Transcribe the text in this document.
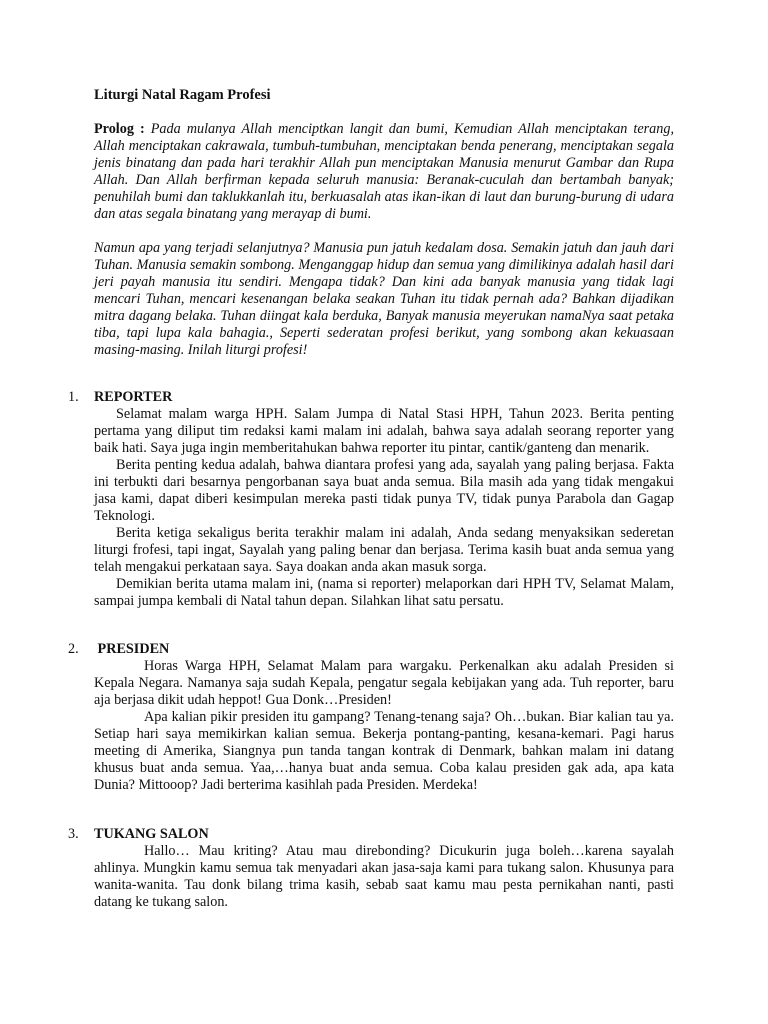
Liturgi Natal Ragam Profesi

Prolog : Pada mulanya Allah menciptkan langit dan bumi, Kemudian Allah menciptakan terang, Allah menciptakan cakrawala, tumbuh-tumbuhan, menciptakan benda penerang, menciptakan segala jenis binatang dan pada hari terakhir Allah pun menciptakan Manusia menurut Gambar dan Rupa Allah. Dan Allah berfirman kepada seluruh manusia: Beranak-cuculah dan bertambah banyak; penuhilah bumi dan taklukkanlah itu, berkuasalah atas ikan-ikan di laut dan burung-burung di udara dan atas segala binatang yang merayap di bumi.

Namun apa yang terjadi selanjutnya? Manusia pun jatuh kedalam dosa. Semakin jatuh dan jauh dari Tuhan. Manusia semakin sombong. Menganggap hidup dan semua yang dimilikinya adalah hasil dari jeri payah manusia itu sendiri. Mengapa tidak? Dan kini ada banyak manusia yang tidak lagi mencari Tuhan, mencari kesenangan belaka seakan Tuhan itu tidak pernah ada? Bahkan dijadikan mitra dagang belaka. Tuhan diingat kala berduka, Banyak manusia meyerukan namaNya saat petaka tiba, tapi lupa kala bahagia., Seperti sederatan profesi berikut, yang sombong akan kekuasaan masing-masing. Inilah liturgi profesi!

1.	REPORTER

Selamat malam warga HPH. Salam Jumpa di Natal Stasi HPH, Tahun 2023. Berita penting pertama yang diliput tim redaksi kami malam ini adalah, bahwa saya adalah seorang reporter yang baik hati. Saya juga ingin memberitahukan bahwa reporter itu pintar, cantik/ganteng dan menarik.

Berita penting kedua adalah, bahwa diantara profesi yang ada, sayalah yang paling berjasa. Fakta ini terbukti dari besarnya pengorbanan saya buat anda semua. Bila masih ada yang tidak mengakui jasa kami, dapat diberi kesimpulan mereka pasti tidak punya TV, tidak punya Parabola dan Gagap Teknologi.

Berita ketiga sekaligus berita terakhir malam ini adalah, Anda sedang menyaksikan sederetan liturgi frofesi, tapi ingat, Sayalah yang paling benar dan berjasa. Terima kasih buat anda semua yang telah mengakui perkataan saya. Saya doakan anda akan masuk sorga.

Demikian berita utama malam ini, (nama si reporter) melaporkan dari HPH TV, Selamat Malam, sampai jumpa kembali di Natal tahun depan. Silahkan lihat satu persatu.

2.	PRESIDEN

Horas Warga HPH, Selamat Malam para wargaku. Perkenalkan aku adalah Presiden si Kepala Negara. Namanya saja sudah Kepala, pengatur segala kebijakan yang ada. Tuh reporter, baru aja berjasa dikit udah heppot! Gua Donk…Presiden!

Apa kalian pikir presiden itu gampang? Tenang-tenang saja? Oh…bukan. Biar kalian tau ya. Setiap hari saya memikirkan kalian semua. Bekerja pontang-panting, kesana-kemari. Pagi harus meeting di Amerika, Siangnya pun tanda tangan kontrak di Denmark, bahkan malam ini datang khusus buat anda semua. Yaa,…hanya buat anda semua. Coba kalau presiden gak ada, apa kata Dunia? Mittooop? Jadi berterima kasihlah pada Presiden. Merdeka!

3.	TUKANG SALON

Hallo… Mau kriting? Atau mau direbonding? Dicukurin juga boleh…karena sayalah ahlinya. Mungkin kamu semua tak menyadari akan jasa-saja kami para tukang salon. Khusunya para wanita-wanita. Tau donk bilang trima kasih, sebab saat kamu mau pesta pernikahan nanti, pasti datang ke tukang salon.
